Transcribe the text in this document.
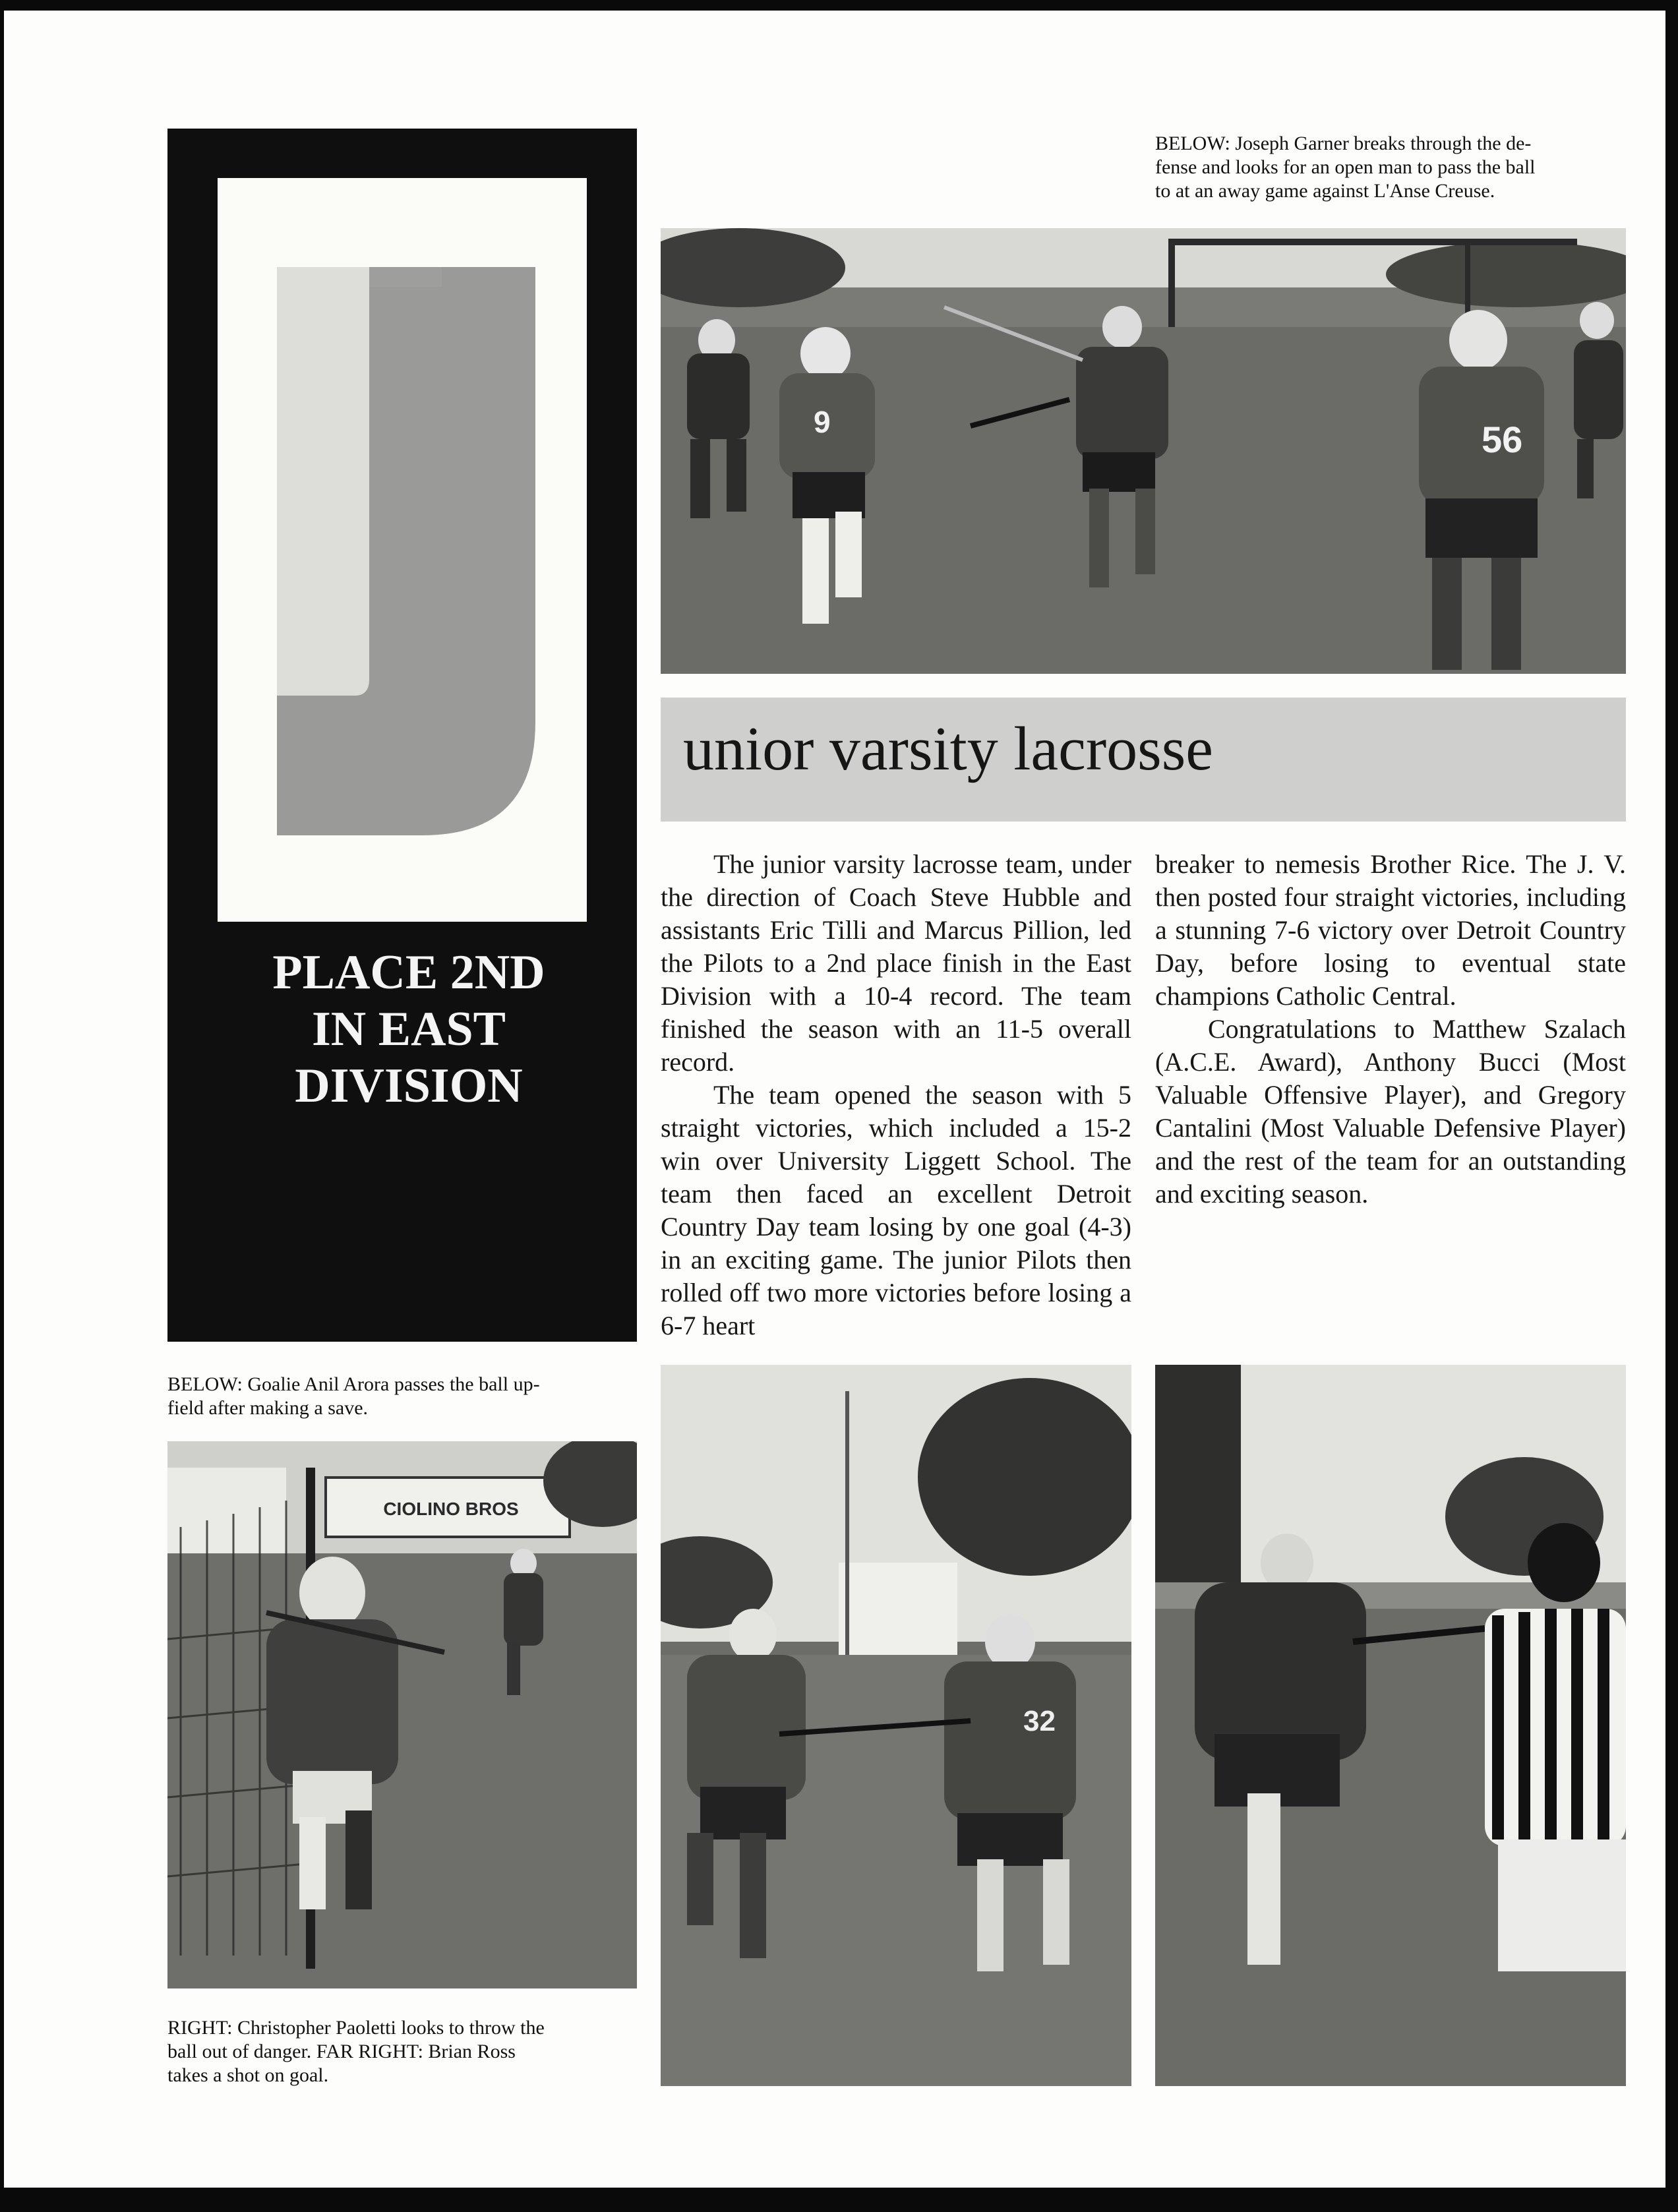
PLACE 2ND
IN EAST
DIVISION
BELOW: Joseph Garner breaks through the de-
fense and looks for an open man to pass the ball
to at an away game against L'Anse Creuse.
9	56
unior varsity lacrosse

The junior varsity lacrosse team, under the direction of Coach Steve Hubble and assistants Eric Tilli and Marcus Pillion, led the Pilots to a 2nd place finish in the East Division with a 10-4 record. The team finished the season with an 11-5 overall record.

The team opened the season with 5 straight victories, which included a 15-2 win over University Liggett School. The team then faced an excellent Detroit Country Day team losing by one goal (4-3) in an exciting game. The junior Pilots then rolled off two more victories before losing a 6-7 heart

breaker to nemesis Brother Rice. The J. V. then posted four straight victories, including a stunning 7-6 victory over Detroit Country Day, before losing to eventual state champions Catholic Central.

Congratulations to Matthew Szalach (A.C.E. Award), Anthony Bucci (Most Valuable Offensive Player), and Gregory Cantalini (Most Valuable Defensive Player) and the rest of the team for an outstanding and exciting season.

BELOW: Goalie Anil Arora passes the ball up-
field after making a save.
CIOLINO BROS
RIGHT: Christopher Paoletti looks to throw the
ball out of danger. FAR RIGHT: Brian Ross
takes a shot on goal.
32
